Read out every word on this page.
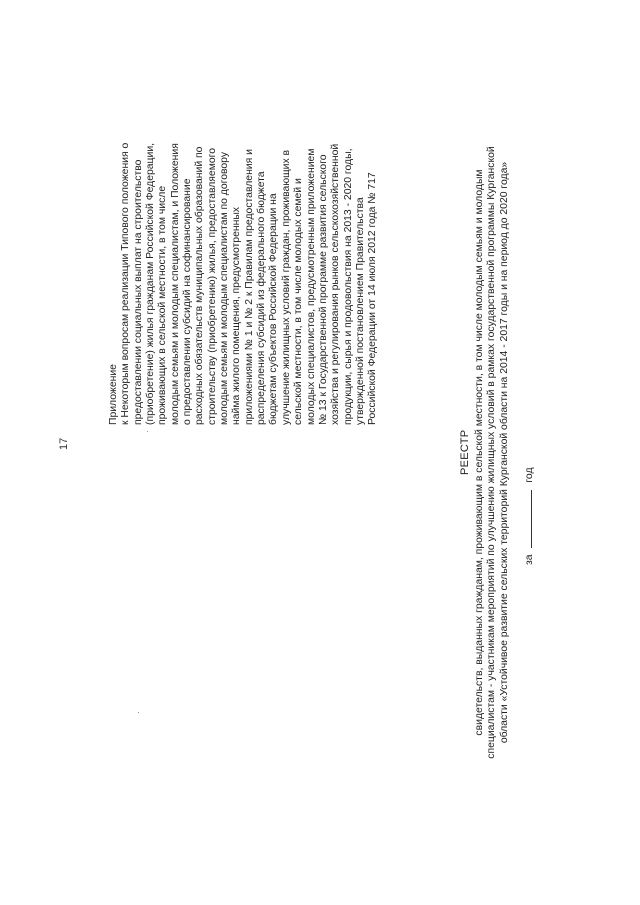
17
Приложение к Некоторым вопросам реализации Типового положения о предоставлении социальных выплат на строительство (приобретение) жилья гражданам Российской Федерации, проживающих в сельской местности, в том числе молодым семьям и молодым специалистам, и Положения о предоставлении субсидий на софинансирование расходных обязательств муниципальных образований по строительству (приобретению) жилья, предоставляемого молодым семьям и молодым специалистам по договору найма жилого помещения, предусмотренных приложениями № 1 и № 2 к Правилам предоставления и распределения субсидий из федерального бюджета бюджетам субъектов Российской Федерации на улучшение жилищных условий граждан, проживающих в сельской местности, в том числе молодых семей и молодых специалистов, предусмотренным приложением № 13 к Государственной программе развития сельского хозяйства и регулирования рынков сельскохозяйственной продукции, сырья и продовольствия на 2013 - 2020 годы, утвержденной постановлением Правительства Российской Федерации от 14 июля 2012 года № 717
РЕЕСТР свидетельств, выданных гражданам, проживающим в сельской местности, в том числе молодым семьям и молодым специалистам - участникам мероприятий по улучшению жилищных условий в рамках государственной программы Курганской области «Устойчивое развитие сельских территорий Курганской области на 2014 - 2017 годы и на период до 2020 года» за  год
